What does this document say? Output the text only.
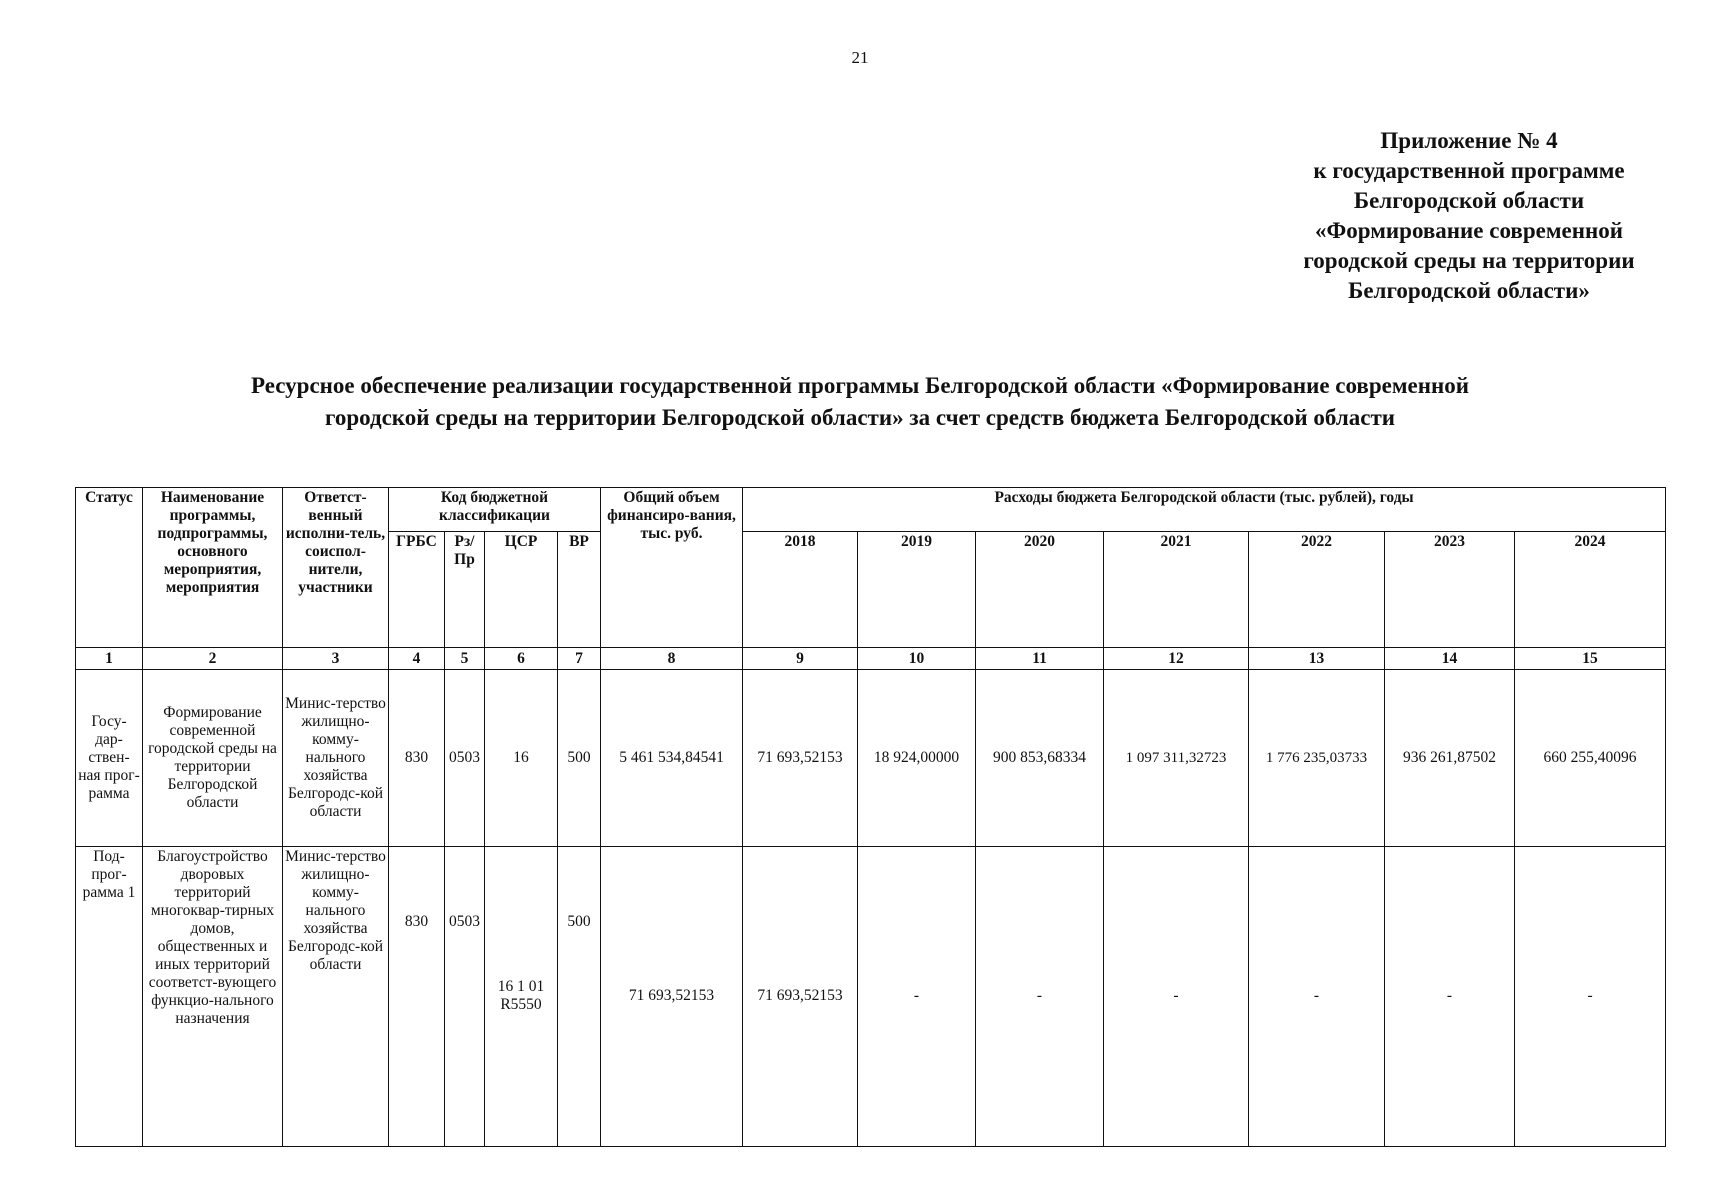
21
Приложение № 4
к государственной программе
Белгородской области
«Формирование современной
городской среды на территории
Белгородской области»
Ресурсное обеспечение реализации государственной программы Белгородской области «Формирование современной
городской среды на территории Белгородской области» за счет средств бюджета Белгородской области
Статус	Наименование программы, подпрограммы, основного мероприятия, мероприятия	Ответст-венный исполни-тель, соиспол-нители, участники	Код бюджетной классификации				Общий объем финансиро-вания, тыс. руб.	Расходы бюджета Белгородской области (тыс. рублей), годы						
			ГРБС	Рз/ Пр	ЦСР	ВР		2018	2019	2020	2021	2022	2023	2024
1	2	3	4	5	6	7	8	9	10	11	12	13	14	15
Госу-дар-ствен-ная прог-рамма	Формирование современной городской среды на территории Белгородской области	Минис-терство жилищно-комму-нального хозяйства Белгородс-кой области	830	0503	16	500	5 461 534,84541	71 693,52153	18 924,00000	900 853,68334	1 097 311,32723	1 776 235,03733	936 261,87502	660 255,40096
Под-прог-рамма 1	Благоустройство дворовых территорий многоквар-тирных домов, общественных и иных территорий соответст-вующего функцио-нального назначения	Минис-терство жилищно-комму-нального хозяйства Белгородс-кой области	830	0503	16 1 01 R5550	500	71 693,52153	71 693,52153	-	-	-	-	-	-
